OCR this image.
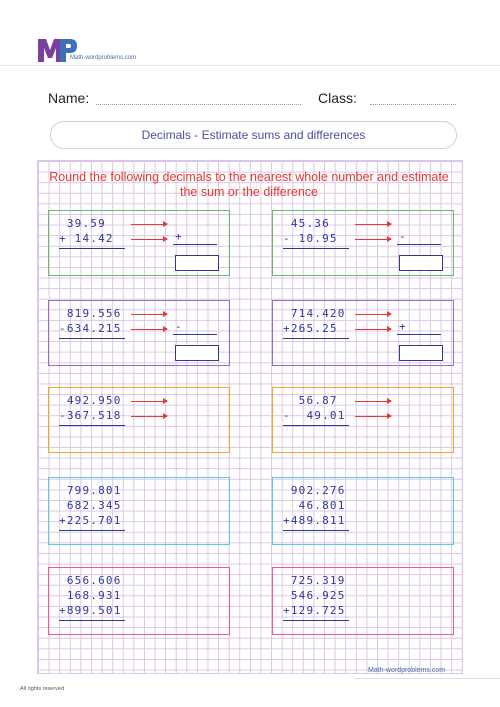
Math-wordproblems.com
Name:	Class:
Decimals - Estimate sums and differences
Round the following decimals to the nearest whole number and estimate
the sum or the difference
39.59
+ 14.42	+
45.36
- 10.95	-
819.556
-634.215	-
714.420
+265.25	+
492.950
-367.518
56.87
-  49.01
799.801
682.345
+225.701
902.276
46.801
+489.811
656.606
168.931
+899.501
725.319
546.925
+129.725
Math-wordproblems.com
All rights reserved
